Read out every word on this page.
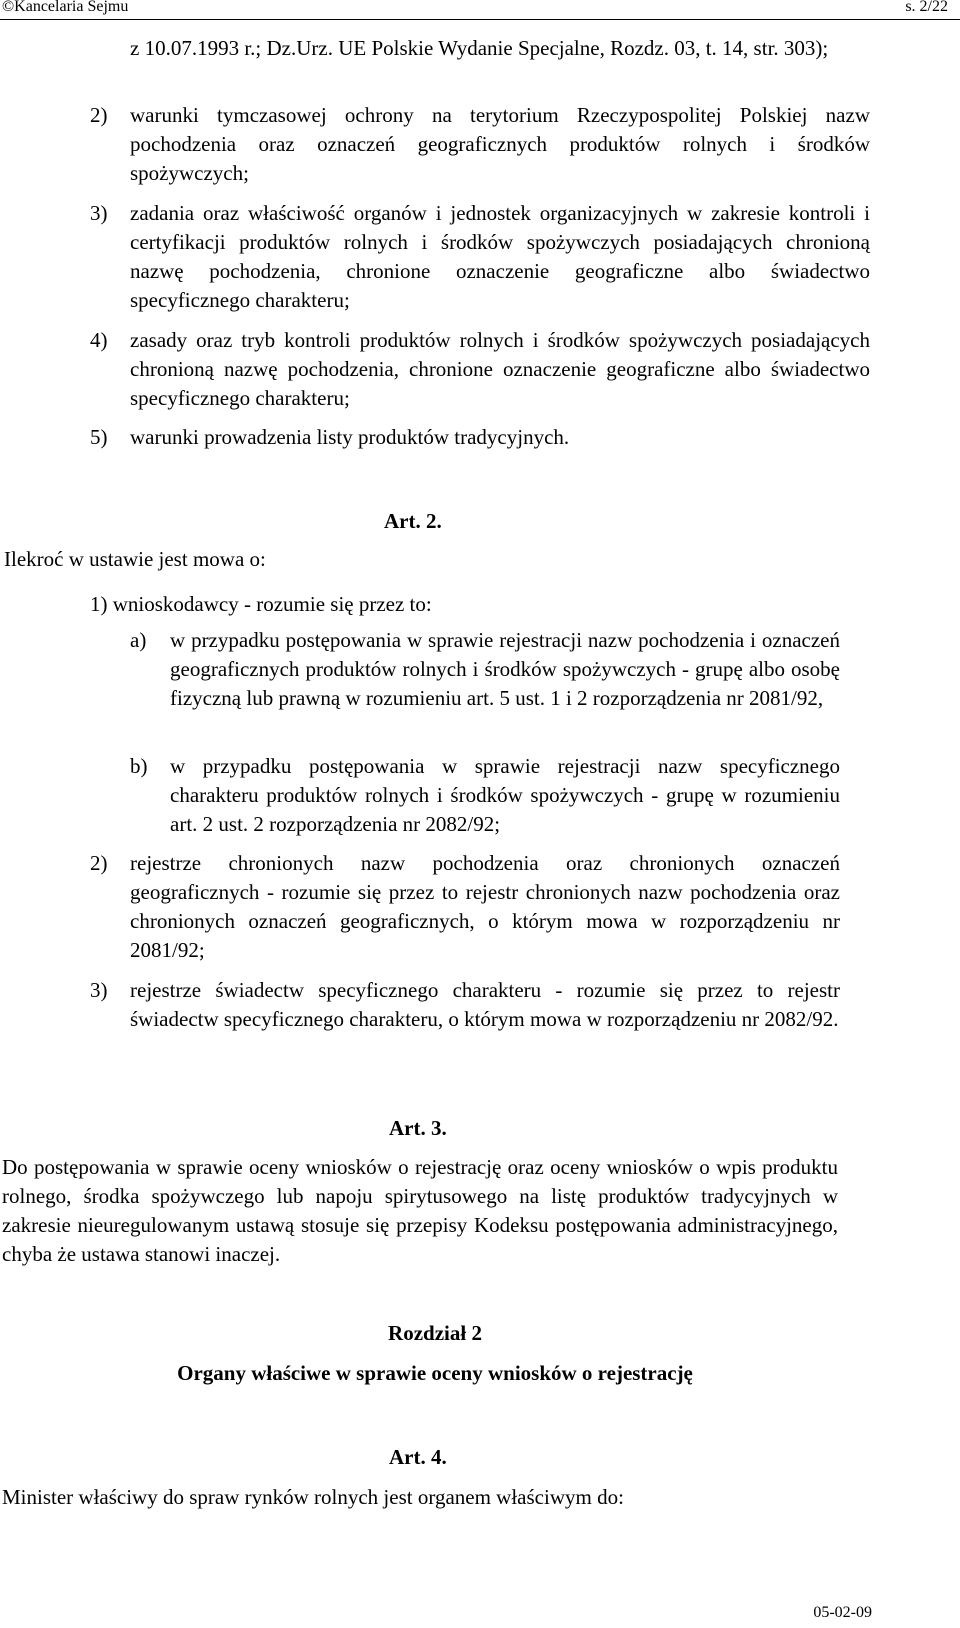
©Kancelaria Sejmu	s. 2/22
z 10.07.1993 r.; Dz.Urz. UE Polskie Wydanie Specjalne, Rozdz. 03, t. 14, str. 303);
2) warunki tymczasowej ochrony na terytorium Rzeczypospolitej Polskiej nazw pochodzenia oraz oznaczeń geograficznych produktów rolnych i środków spożywczych;
3) zadania oraz właściwość organów i jednostek organizacyjnych w zakresie kontroli i certyfikacji produktów rolnych i środków spożywczych posiadających chronioną nazwę pochodzenia, chronione oznaczenie geograficzne albo świadectwo specyficznego charakteru;
4) zasady oraz tryb kontroli produktów rolnych i środków spożywczych posiadających chronioną nazwę pochodzenia, chronione oznaczenie geograficzne albo świadectwo specyficznego charakteru;
5) warunki prowadzenia listy produktów tradycyjnych.
Art. 2.
Ilekroć w ustawie jest mowa o:
1) wnioskodawcy - rozumie się przez to:
a) w przypadku postępowania w sprawie rejestracji nazw pochodzenia i oznaczeń geograficznych produktów rolnych i środków spożywczych - grupę albo osobę fizyczną lub prawną w rozumieniu art. 5 ust. 1 i 2 rozporządzenia nr 2081/92,
b) w przypadku postępowania w sprawie rejestracji nazw specyficznego charakteru produktów rolnych i środków spożywczych - grupę w rozumieniu art. 2 ust. 2 rozporządzenia nr 2082/92;
2) rejestrze chronionych nazw pochodzenia oraz chronionych oznaczeń geograficznych - rozumie się przez to rejestr chronionych nazw pochodzenia oraz chronionych oznaczeń geograficznych, o którym mowa w rozporządzeniu nr 2081/92;
3) rejestrze świadectw specyficznego charakteru - rozumie się przez to rejestr świadectw specyficznego charakteru, o którym mowa w rozporządzeniu nr 2082/92.
Art. 3.
Do postępowania w sprawie oceny wniosków o rejestrację oraz oceny wniosków o wpis produktu rolnego, środka spożywczego lub napoju spirytusowego na listę produktów tradycyjnych w zakresie nieuregulowanym ustawą stosuje się przepisy Kodeksu postępowania administracyjnego, chyba że ustawa stanowi inaczej.
Rozdział 2
Organy właściwe w sprawie oceny wniosków o rejestrację
Art. 4.
Minister właściwy do spraw rynków rolnych jest organem właściwym do:
05-02-09
